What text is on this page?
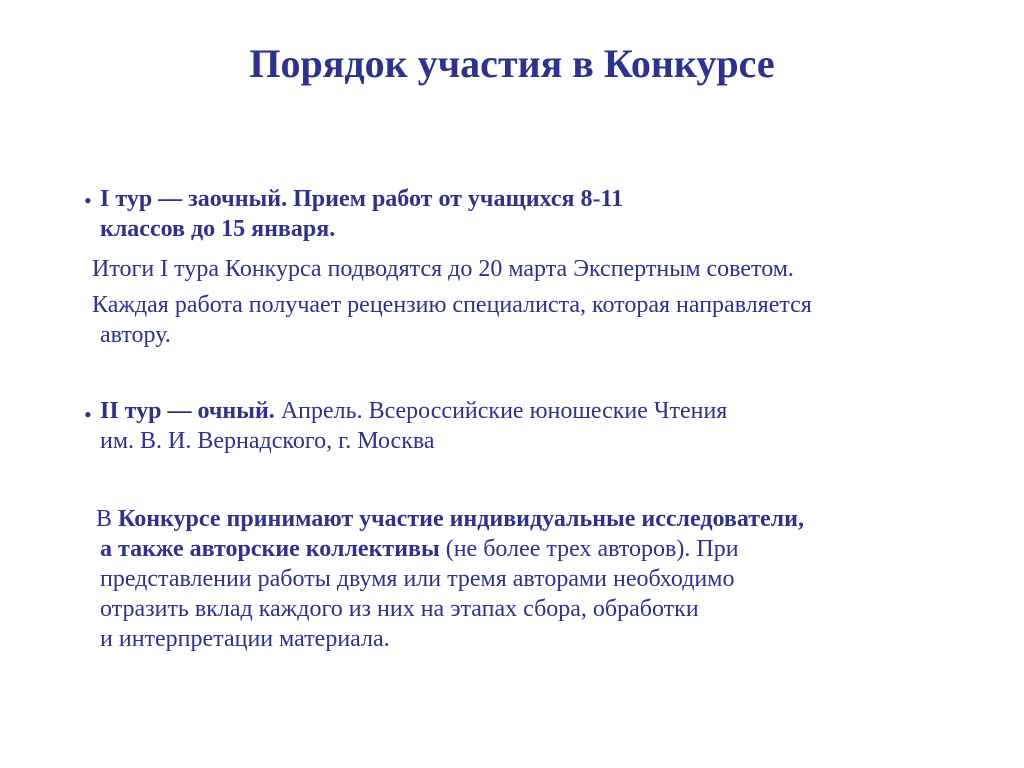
Порядок участия в Конкурсе
• I тур — заочный. Прием работ от учащихся 8-11
классов до 15 января.
Итоги I тура Конкурса подводятся до 20 марта Экспертным советом.
Каждая работа получает рецензию специалиста, которая направляется
автору.
• II тур — очный. Апрель. Всероссийские юношеские Чтения
им. В. И. Вернадского, г. Москва
В Конкурсе принимают участие индивидуальные исследователи,
а также авторские коллективы (не более трех авторов). При
представлении работы двумя или тремя авторами необходимо
отразить вклад каждого из них на этапах сбора, обработки
и интерпретации материала.
